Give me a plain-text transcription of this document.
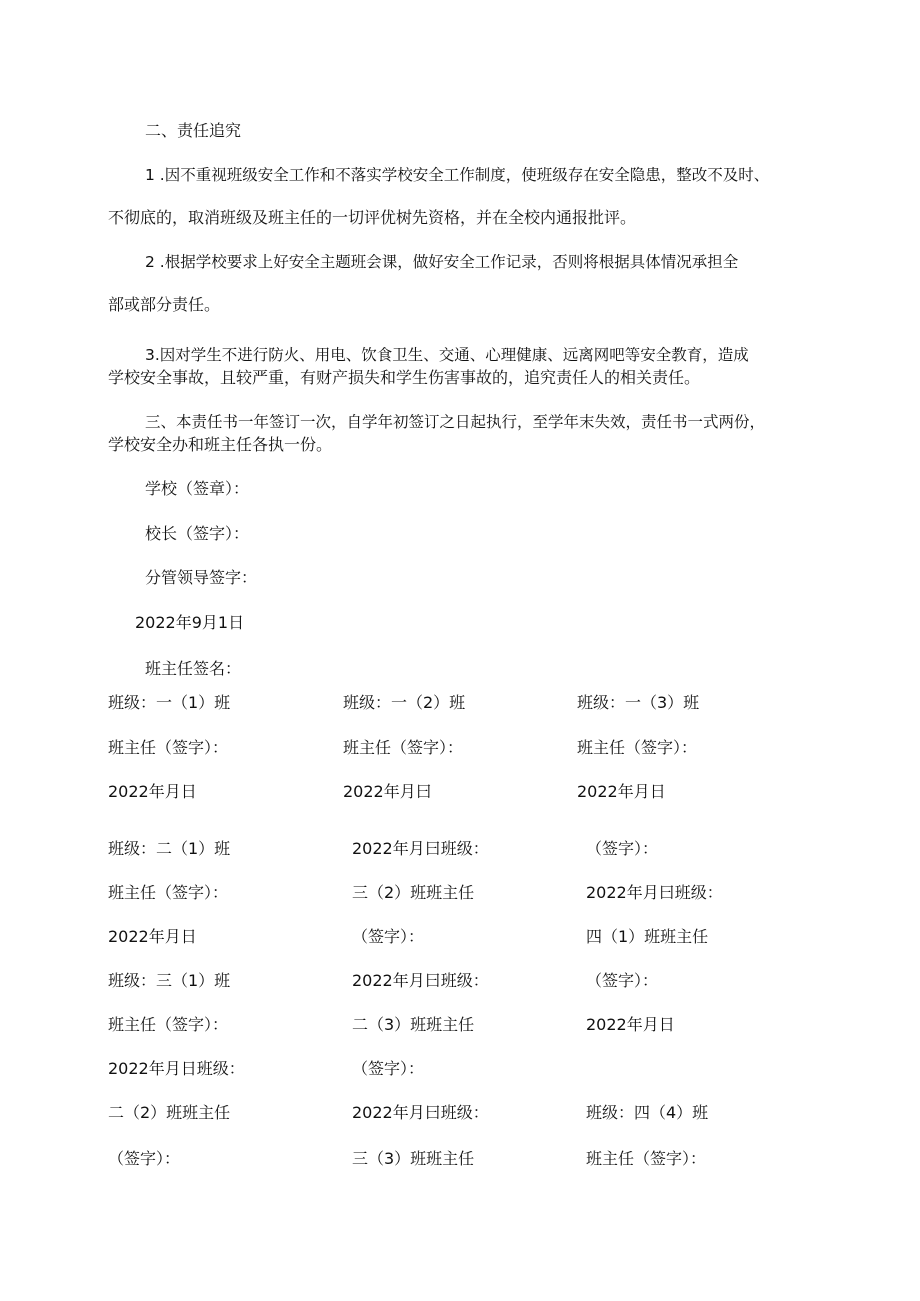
二、责任追究
1 .因不重视班级安全工作和不落实学校安全工作制度，使班级存在安全隐患，整改不及时、
不彻底的，取消班级及班主任的一切评优树先资格，并在全校内通报批评。
2 .根据学校要求上好安全主题班会课，做好安全工作记录，否则将根据具体情况承担全
部或部分责任。
3.因对学生不进行防火、用电、饮食卫生、交通、心理健康、远离网吧等安全教育，造成
学校安全事故，且较严重，有财产损失和学生伤害事故的，追究责任人的相关责任。
三、本责任书一年签订一次，自学年初签订之日起执行，至学年末失效，责任书一式两份，
学校安全办和班主任各执一份。
学校（签章）：
校长（签字）：
分管领导签字：
2022年9月1日
班主任签名：
班级：一（1）班	班级：一（2）班	班级：一（3）班
班主任（签字）：	班主任（签字）：	班主任（签字）：
2022年月日	2022年月曰	2022年月日
班级：二（1）班	2022年月曰班级：	（签字）：
班主任（签字）：	三（2）班班主任	2022年月曰班级：
2022年月日	（签字）：	四（1）班班主任
班级：三（1）班	2022年月曰班级：	（签字）：
班主任（签字）：	二（3）班班主任	2022年月日
2022年月日班级：	（签字）：
二（2）班班主任	2022年月曰班级：	班级：四（4）班
（签字）：	三（3）班班主任	班主任（签字）：
